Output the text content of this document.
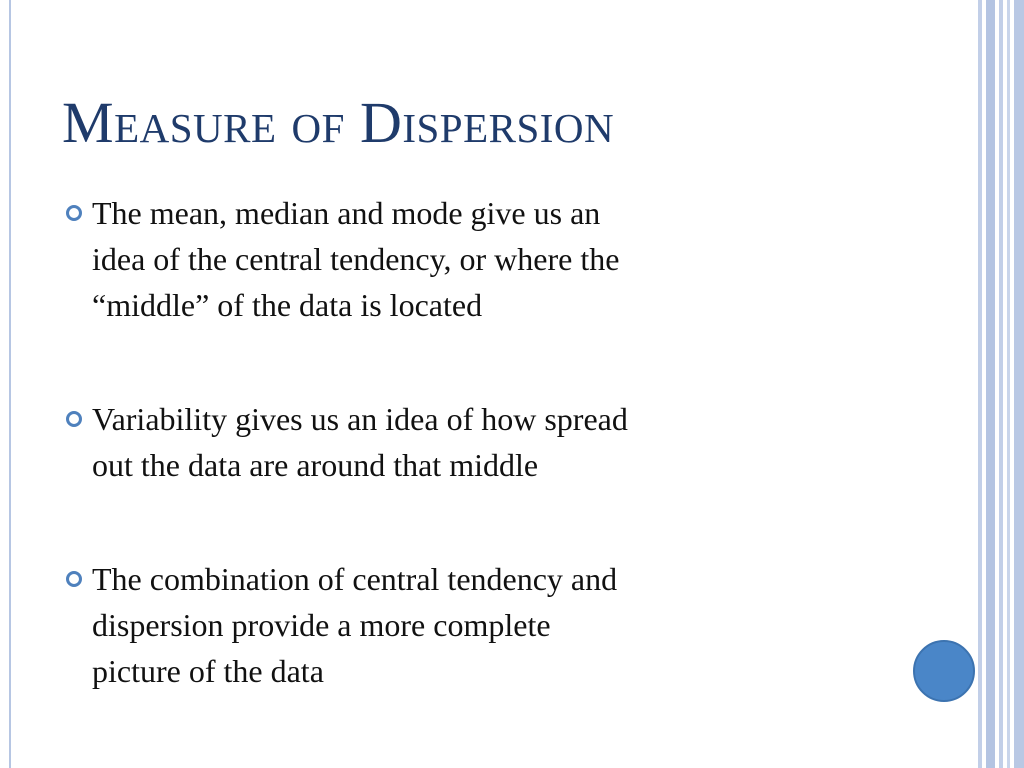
Measure of Dispersion
The mean, median and mode give us an
idea of the central tendency, or where the
“middle” of the data is located
Variability gives us an idea of how spread
out the data are around that middle
The combination of central tendency and
dispersion provide a more complete
picture of the data
